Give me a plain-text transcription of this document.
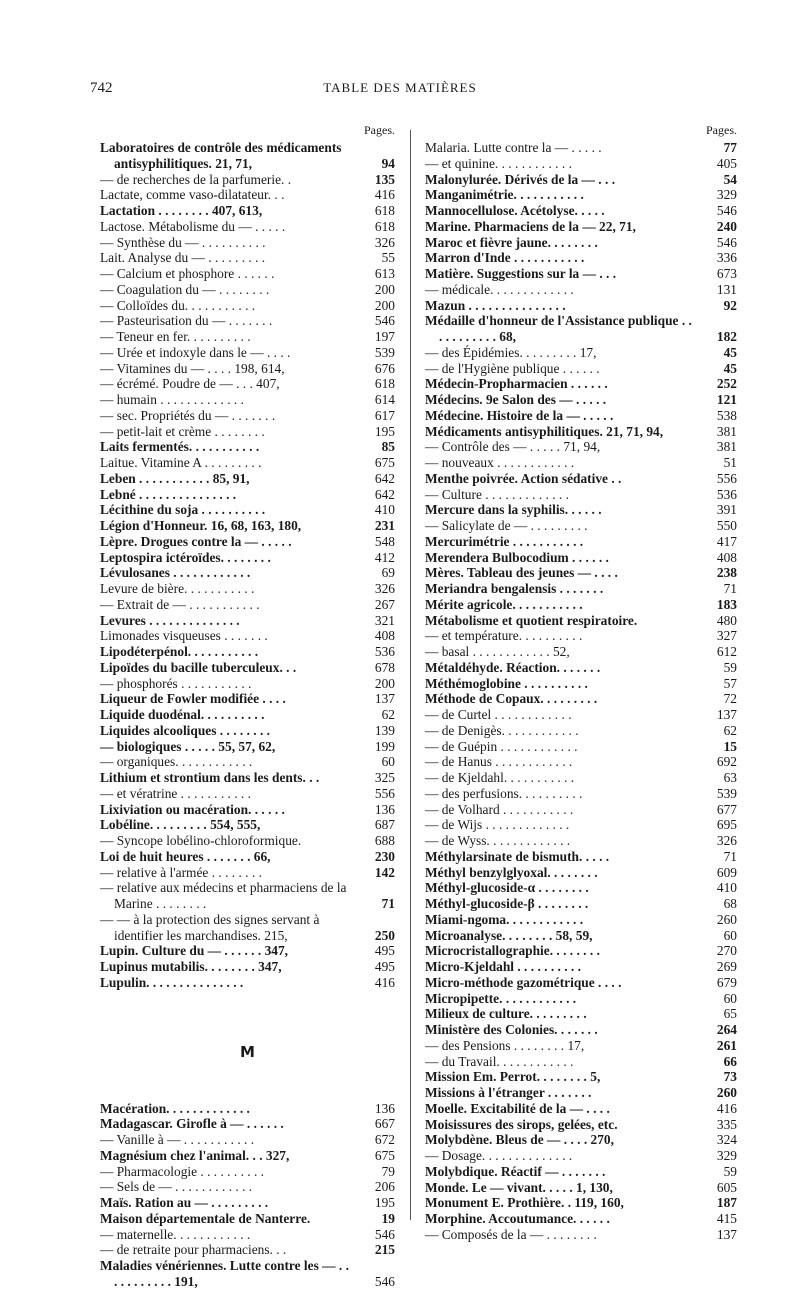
742	TABLE DES MATIÈRES
Pages.
Laboratoires de contrôle des médicaments antisyphilitiques. 21, 71,	94
— de recherches de la parfumerie. .	135
Lactate, comme vaso-dilatateur. . .	416
Lactation . . . . . . . . 407, 613,	618
Lactose. Métabolisme du — . . . . .	618
— Synthèse du — . . . . . . . . . .	326
Lait. Analyse du — . . . . . . . . .	55
— Calcium et phosphore . . . . . .	613
— Coagulation du — . . . . . . . .	200
— Colloïdes du. . . . . . . . . . .	200
— Pasteurisation du — . . . . . . .	546
— Teneur en fer. . . . . . . . . .	197
— Urée et indoxyle dans le — . . . .	539
— Vitamines du — . . . . 198, 614,	676
— écrémé. Poudre de — . . . 407,	618
— humain . . . . . . . . . . . . .	614
— sec. Propriétés du — . . . . . . .	617
— petit-lait et crème . . . . . . . .	195
Laits fermentés. . . . . . . . . . .	85
Laitue. Vitamine A . . . . . . . . .	675
Leben . . . . . . . . . . . 85, 91,	642
Lebné . . . . . . . . . . . . . . .	642
Lécithine du soja . . . . . . . . . .	410
Légion d'Honneur. 16, 68, 163, 180,	231
Lèpre. Drogues contre la — . . . . .	548
Leptospira ictéroïdes. . . . . . . .	412
Lévulosanes . . . . . . . . . . . .	69
Levure de bière. . . . . . . . . . .	326
— Extrait de — . . . . . . . . . . .	267
Levures . . . . . . . . . . . . . .	321
Limonades visqueuses . . . . . . .	408
Lipodéterpénol. . . . . . . . . . .	536
Lipoïdes du bacille tuberculeux. . .	678
— phosphorés . . . . . . . . . . .	200
Liqueur de Fowler modifiée . . . .	137
Liquide duodénal. . . . . . . . . .	62
Liquides alcooliques . . . . . . . .	139
— biologiques . . . . . 55, 57, 62,	199
— organiques. . . . . . . . . . . .	60
Lithium et strontium dans les dents. . .	325
— et vératrine . . . . . . . . . . .	556
Lixiviation ou macération. . . . . .	136
Lobéline. . . . . . . . . 554, 555,	687
— Syncope lobélino-chloroformique.	688
Loi de huit heures . . . . . . . 66,	230
— relative à l'armée . . . . . . . .	142
— relative aux médecins et pharmaciens de la Marine . . . . . . . .	71
— — à la protection des signes servant à identifier les marchandises. 215,	250
Lupin. Culture du — . . . . . . 347,	495
Lupinus mutabilis. . . . . . . . 347,	495
Lupulin. . . . . . . . . . . . . . .	416
M
Macération. . . . . . . . . . . . .	136
Madagascar. Girofle à — . . . . . .	667
— Vanille à — . . . . . . . . . . .	672
Magnésium chez l'animal. . . 327,	675
— Pharmacologie . . . . . . . . . .	79
— Sels de — . . . . . . . . . . . .	206
Maïs. Ration au — . . . . . . . . .	195
Maison départementale de Nanterre.	19
— maternelle. . . . . . . . . . . .	546
— de retraite pour pharmaciens. . .	215
Maladies vénériennes. Lutte contre les — . . . . . . . . . . . 191,	546
Pages.
Malaria. Lutte contre la — . . . . .	77
— et quinine. . . . . . . . . . . .	405
Malonylurée. Dérivés de la — . . .	54
Manganimétrie. . . . . . . . . . .	329
Mannocellulose. Acétolyse. . . . .	546
Marine. Pharmaciens de la — 22, 71,	240
Maroc et fièvre jaune. . . . . . . .	546
Marron d'Inde . . . . . . . . . . .	336
Matière. Suggestions sur la — . . .	673
— médicale. . . . . . . . . . . . .	131
Mazun . . . . . . . . . . . . . . .	92
Médaille d'honneur de l'Assistance publique . . . . . . . . . . . 68,	182
— des Épidémies. . . . . . . . . 17,	45
— de l'Hygiène publique . . . . . .	45
Médecin-Propharmacien . . . . . .	252
Médecins. 9e Salon des — . . . . .	121
Médecine. Histoire de la — . . . . .	538
Médicaments antisyphilitiques. 21, 71, 94,	381
— Contrôle des — . . . . . 71, 94,	381
— nouveaux . . . . . . . . . . . .	51
Menthe poivrée. Action sédative . .	556
— Culture . . . . . . . . . . . . .	536
Mercure dans la syphilis. . . . . .	391
— Salicylate de — . . . . . . . . .	550
Mercurimétrie . . . . . . . . . . .	417
Merendera Bulbocodium . . . . . .	408
Mères. Tableau des jeunes — . . . .	238
Meriandra bengalensis . . . . . . .	71
Mérite agricole. . . . . . . . . . .	183
Métabolisme et quotient respiratoire.	480
— et température. . . . . . . . . .	327
— basal . . . . . . . . . . . . 52,	612
Métaldéhyde. Réaction. . . . . . .	59
Méthémoglobine . . . . . . . . . .	57
Méthode de Copaux. . . . . . . . .	72
— de Curtel . . . . . . . . . . . .	137
— de Denigès. . . . . . . . . . . .	62
— de Guépin . . . . . . . . . . . .	15
— de Hanus . . . . . . . . . . . .	692
— de Kjeldahl. . . . . . . . . . .	63
— des perfusions. . . . . . . . . .	539
— de Volhard . . . . . . . . . . .	677
— de Wijs . . . . . . . . . . . . .	695
— de Wyss. . . . . . . . . . . . .	326
Méthylarsinate de bismuth. . . . .	71
Méthyl benzylglyoxal. . . . . . . .	609
Méthyl-glucoside-α . . . . . . . .	410
Méthyl-glucoside-β . . . . . . . .	68
Miami-ngoma. . . . . . . . . . . .	260
Microanalyse. . . . . . . . 58, 59,	60
Microcristallographie. . . . . . . .	270
Micro-Kjeldahl . . . . . . . . . .	269
Micro-méthode gazométrique . . . .	679
Micropipette. . . . . . . . . . . .	60
Milieux de culture. . . . . . . . .	65
Ministère des Colonies. . . . . . .	264
— des Pensions . . . . . . . . 17,	261
— du Travail. . . . . . . . . . . .	66
Mission Em. Perrot. . . . . . . . 5,	73
Missions à l'étranger . . . . . . .	260
Moelle. Excitabilité de la — . . . .	416
Moisissures des sirops, gelées, etc.	335
Molybdène. Bleus de — . . . . 270,	324
— Dosage. . . . . . . . . . . . . .	329
Molybdique. Réactif — . . . . . . .	59
Monde. Le — vivant. . . . . 1, 130,	605
Monument E. Prothière. . 119, 160,	187
Morphine. Accoutumance. . . . . .	415
— Composés de la — . . . . . . . .	137
